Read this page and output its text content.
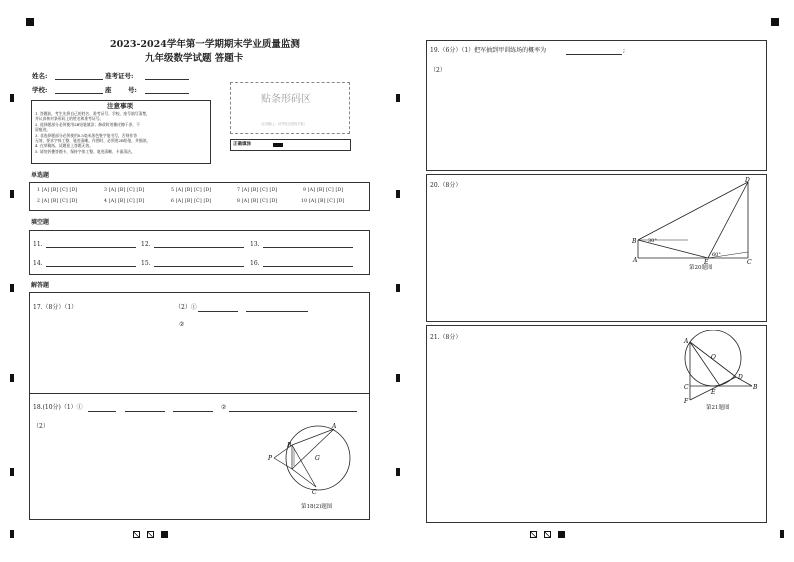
2023-2024学年第一学期期末学业质量监测
九年级数学试题 答题卡
姓名:	准考证号:
学校:	座	号:
注意事项
1. 答题前，考生先将自己的姓名、准考证号、学校、座号填写清楚，
并认真核对条形码上的姓名和准考证号。
2. 选择题部分必须使用2B铅笔填涂；修改时用橡皮擦干净，不
留痕迹。
3. 非选择题部分必须使用0.5毫米黑色签字笔书写，否则作答
无效，要求字体工整、笔迹清晰。作图时，必须用2B铅笔，并描浓。
4. 在草稿纸、试题卷上答题无效。
5. 请勿折叠答题卡，保持字体工整、笔迹清晰、卡面清洁。
贴条形码区
（正面朝上，切勿贴出虚线方框）
正确填涂
单选题
1 [A] [B] [C] [D]	3 [A] [B] [C] [D]	5 [A] [B] [C] [D]	7 [A] [B] [C] [D]	9 [A] [B] [C] [D]
2 [A] [B] [C] [D]	4 [A] [B] [C] [D]	6 [A] [B] [C] [D]	8 [A] [B] [C] [D]	10 [A] [B] [C] [D]
填空题
11.	12.	13.
14.	15.	16.
解答题
17.（8分）（1）	（2）①
②
18.(10分)（1）①	②
（2）	A
B
P	G
C
第18(2)题图
19.（6分）（1）把军抽到甲训练场的概率为	;
（2）
20.（8分）
D
B
A	E	C
30°
60°
第20题图
21.（8分）
A
O
C
D
E
B
F
第21题图
